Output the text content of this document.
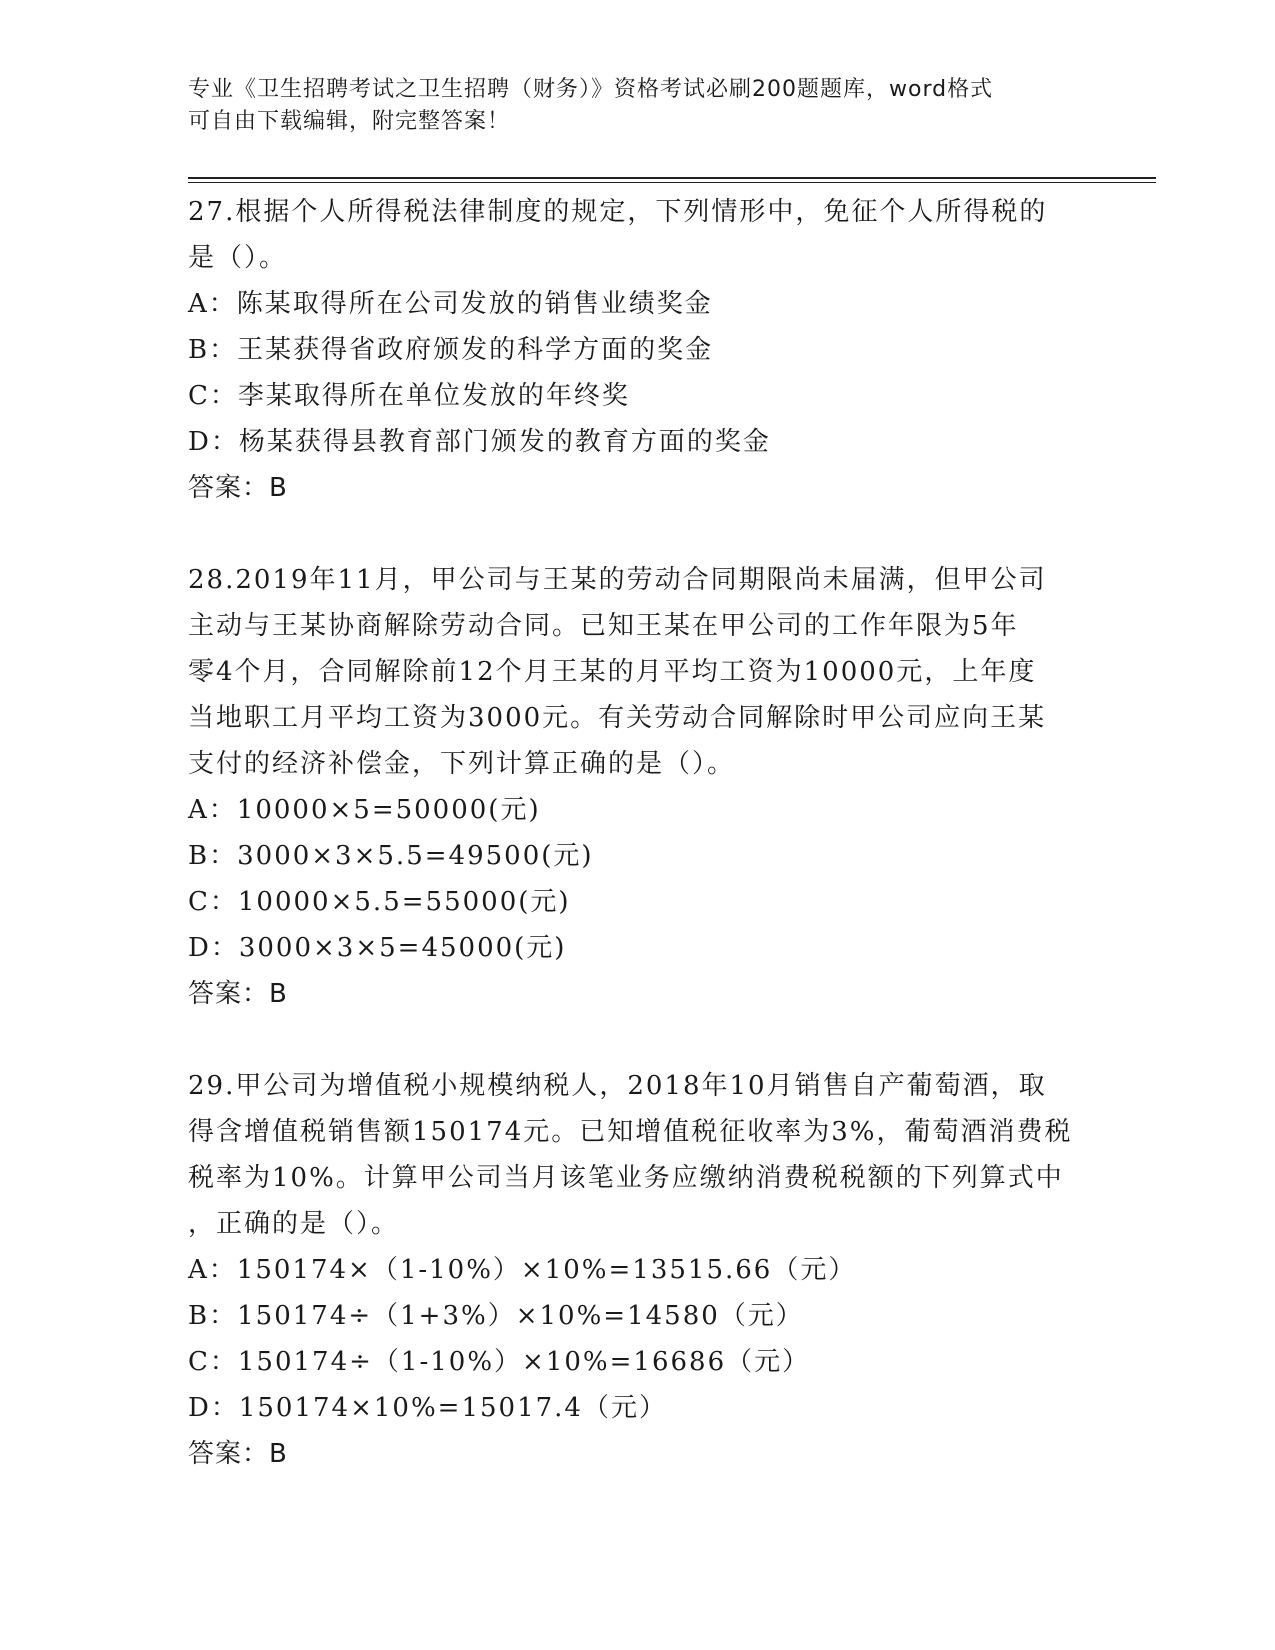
专业《卫生招聘考试之卫生招聘（财务）》资格考试必刷200题题库，word格式
可自由下载编辑，附完整答案！
27.根据个人所得税法律制度的规定，下列情形中，免征个人所得税的
是（）。
A：陈某取得所在公司发放的销售业绩奖金
B：王某获得省政府颁发的科学方面的奖金
C：李某取得所在单位发放的年终奖
D：杨某获得县教育部门颁发的教育方面的奖金
答案：B
28.2019年11月，甲公司与王某的劳动合同期限尚未届满，但甲公司
主动与王某协商解除劳动合同。已知王某在甲公司的工作年限为5年
零4个月，合同解除前12个月王某的月平均工资为10000元，上年度
当地职工月平均工资为3000元。有关劳动合同解除时甲公司应向王某
支付的经济补偿金，下列计算正确的是（）。
A：10000×5=50000(元)
B：3000×3×5.5=49500(元)
C：10000×5.5=55000(元)
D：3000×3×5=45000(元)
答案：B
29.甲公司为增值税小规模纳税人，2018年10月销售自产葡萄酒，取
得含增值税销售额150174元。已知增值税征收率为3%，葡萄酒消费税
税率为10%。计算甲公司当月该笔业务应缴纳消费税税额的下列算式中
，正确的是（）。
A：150174×（1-10%）×10%=13515.66（元）
B：150174÷（1+3%）×10%=14580（元）
C：150174÷（1-10%）×10%=16686（元）
D：150174×10%=15017.4（元）
答案：B
